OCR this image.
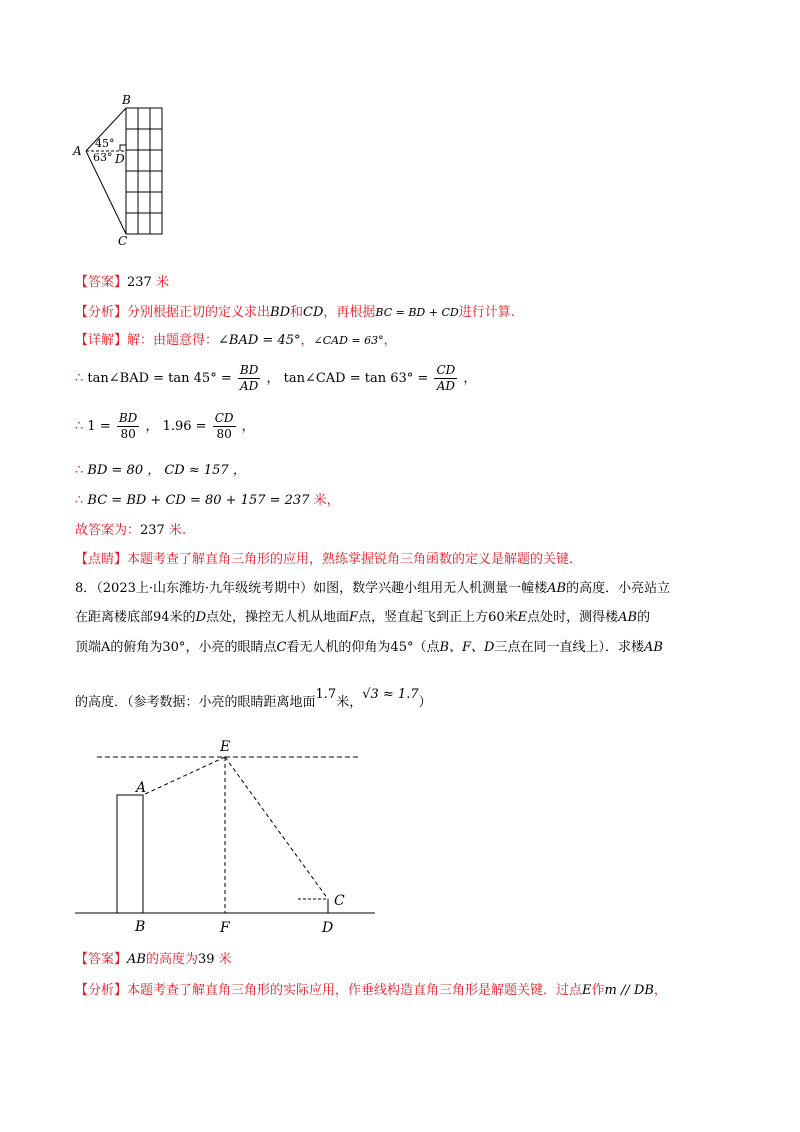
B
A
C
D
45°
63°
【答案】237 米
【分析】分别根据正切的定义求出BD和CD，再根据BC = BD + CD进行计算.
【详解】解：由题意得：∠BAD = 45°，∠CAD = 63°，
∴ tan∠BAD = $\tan 45^\circ = \frac{BD}{AD}$ ， tan∠CAD = $\tan 63^\circ = \frac{CD}{AD}$ ，
∴ $1 = \frac{BD}{80}$ ， $1.96 = \frac{CD}{80}$ ，
∴ BD = 80 ， CD ≈ 157 ，
∴ BC = BD + CD = 80 + 157 = 237 米，
故答案为：237 米.
【点睛】本题考查了解直角三角形的应用，熟练掌握锐角三角函数的定义是解题的关键.
8．（2023上·山东潍坊·九年级统考期中）如图，数学兴趣小组用无人机测量一幢楼AB的高度．小亮站立
在距离楼底部94米的D点处，操控无人机从地面F点，竖直起飞到正上方60米E点处时，测得楼AB的
顶端A的俯角为30°，小亮的眼睛点C看无人机的仰角为45°（点B、F、D三点在同一直线上）．求楼AB
的高度．（参考数据：小亮的眼睛距离地面1.7米，√3 ≈ 1.7）
E
A
B	F
C
D
【答案】AB的高度为39 米
【分析】本题考查了解直角三角形的实际应用，作垂线构造直角三角形是解题关键．过点E作m // DB，
